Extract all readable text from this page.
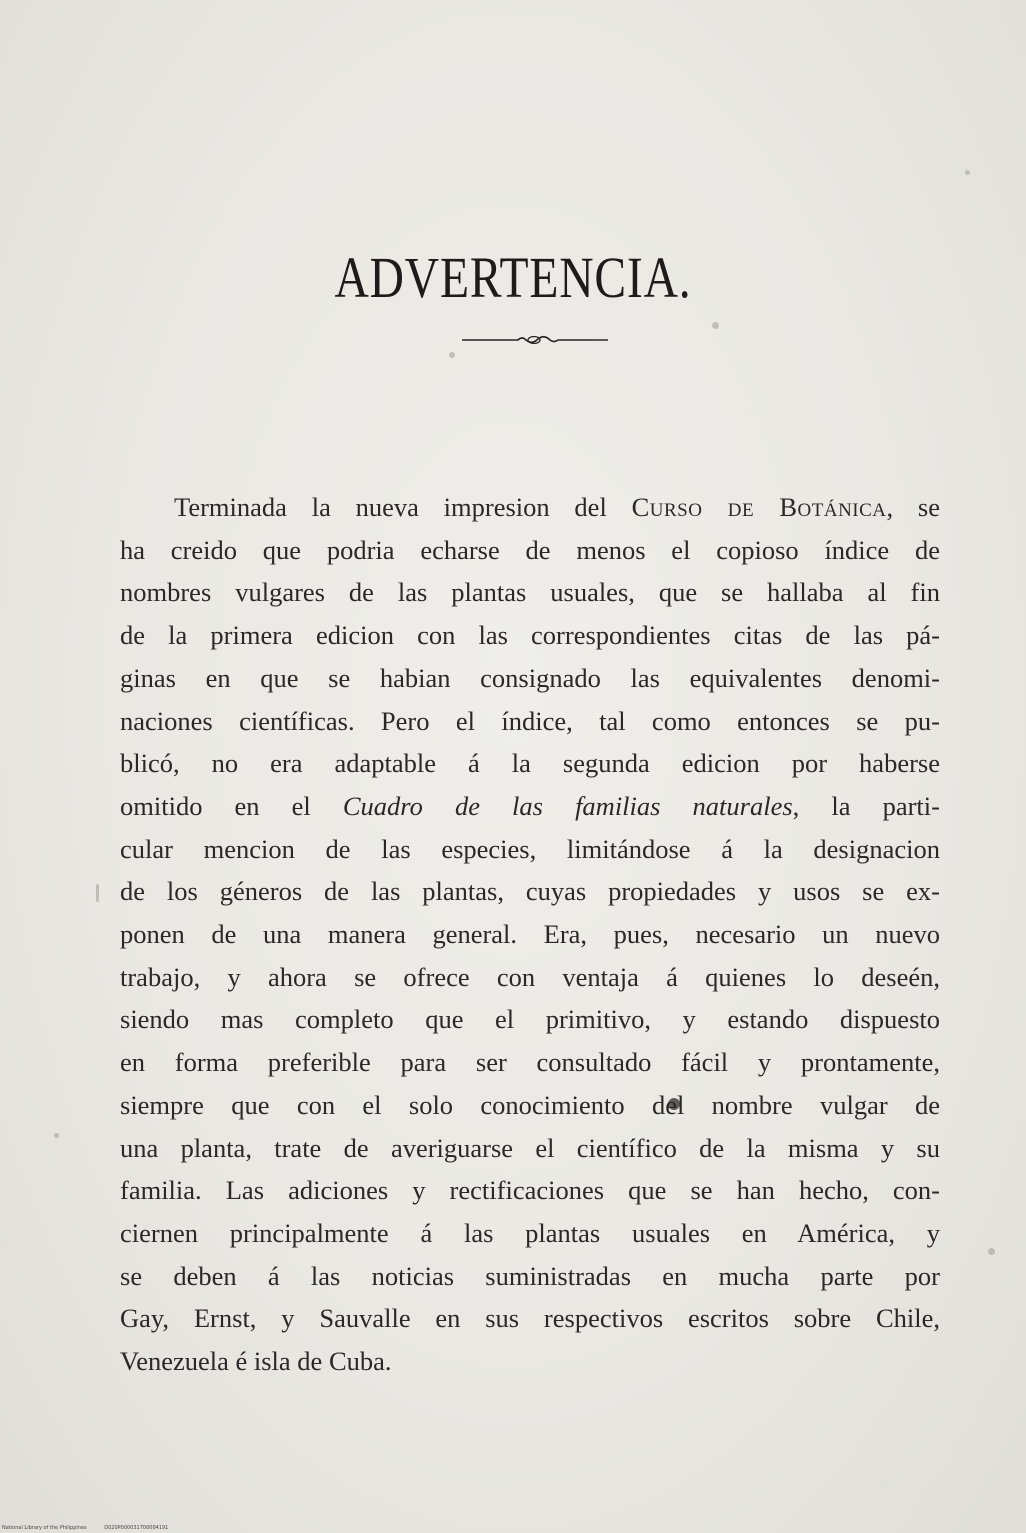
ADVERTENCIA.
Terminada la nueva impresion del Curso de Botánica, se
ha creido que podria echarse de menos el copioso índice de
nombres vulgares de las plantas usuales, que se hallaba al fin
de la primera edicion con las correspondientes citas de las pá-
ginas en que se habian consignado las equivalentes denomi-
naciones científicas. Pero el índice, tal como entonces se pu-
blicó, no era adaptable á la segunda edicion por haberse
omitido en el Cuadro de las familias naturales, la parti-
cular mencion de las especies, limitándose á la designacion
de los géneros de las plantas, cuyas propiedades y usos se ex-
ponen de una manera general. Era, pues, necesario un nuevo
trabajo, y ahora se ofrece con ventaja á quienes lo deseén,
siendo mas completo que el primitivo, y estando dispuesto
en forma preferible para ser consultado fácil y prontamente,
siempre que con el solo conocimiento del nombre vulgar de
una planta, trate de averiguarse el científico de la misma y su
familia. Las adiciones y rectificaciones que se han hecho, con-
ciernen principalmente á las plantas usuales en América, y
se deben á las noticias suministradas en mucha parte por
Gay, Ernst, y Sauvalle en sus respectivos escritos sobre Chile,
Venezuela é isla de Cuba.
National Library of the Philippines	D020P000031700004191
